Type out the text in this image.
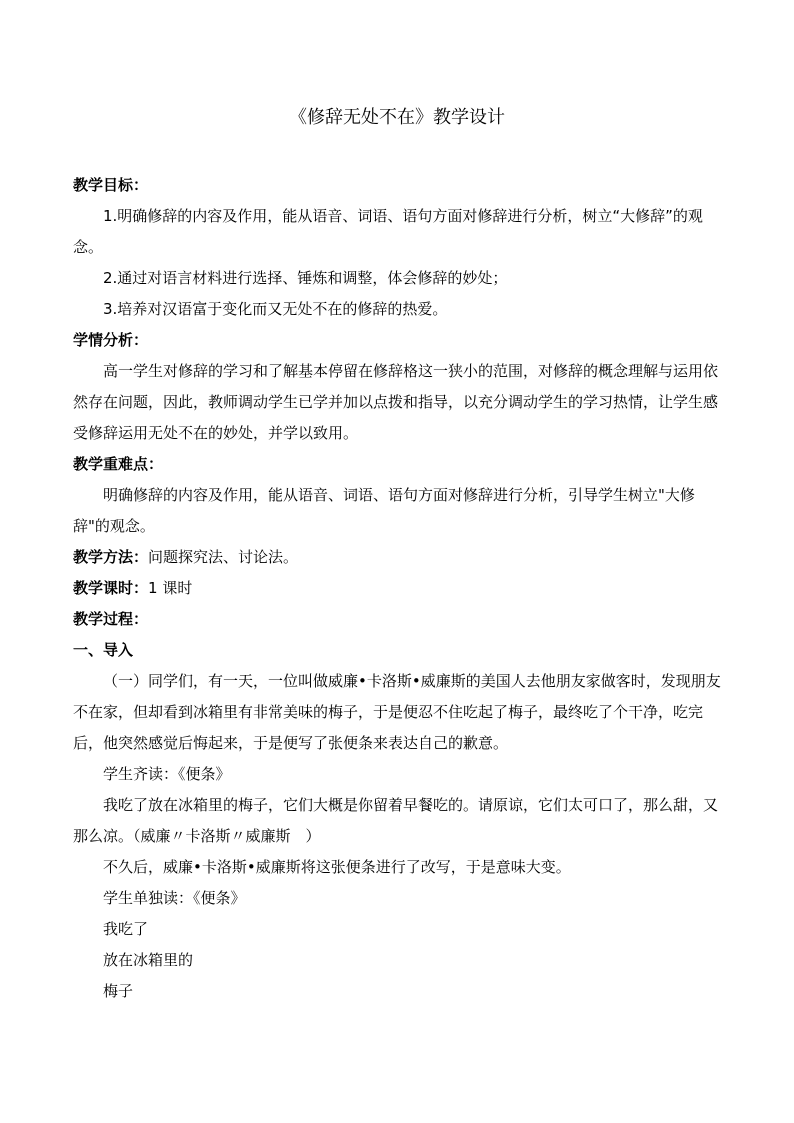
《修辞无处不在》教学设计
教学目标：
1.明确修辞的内容及作用，能从语音、词语、语句方面对修辞进行分析，树立“大修辞”的观念。
2.通过对语言材料进行选择、锤炼和调整，体会修辞的妙处；
3.培养对汉语富于变化而又无处不在的修辞的热爱。
学情分析：
高一学生对修辞的学习和了解基本停留在修辞格这一狭小的范围，对修辞的概念理解与运用依然存在问题，因此，教师调动学生已学并加以点拨和指导，以充分调动学生的学习热情，让学生感受修辞运用无处不在的妙处，并学以致用。
教学重难点：
明确修辞的内容及作用，能从语音、词语、语句方面对修辞进行分析，引导学生树立"大修辞"的观念。
教学方法：问题探究法、讨论法。
教学课时：1 课时
教学过程：
一、导入
（一）同学们，有一天，一位叫做威廉•卡洛斯•威廉斯的美国人去他朋友家做客时，发现朋友不在家，但却看到冰箱里有非常美味的梅子，于是便忍不住吃起了梅子，最终吃了个干净，吃完后，他突然感觉后悔起来，于是便写了张便条来表达自己的歉意。
学生齐读：《便条》
我吃了放在冰箱里的梅子，它们大概是你留着早餐吃的。请原谅，它们太可口了，那么甜，又那么凉。（威廉〃卡洛斯〃威廉斯　）
不久后，威廉•卡洛斯•威廉斯将这张便条进行了改写，于是意味大变。
学生单独读：《便条》
我吃了
放在冰箱里的
梅子
